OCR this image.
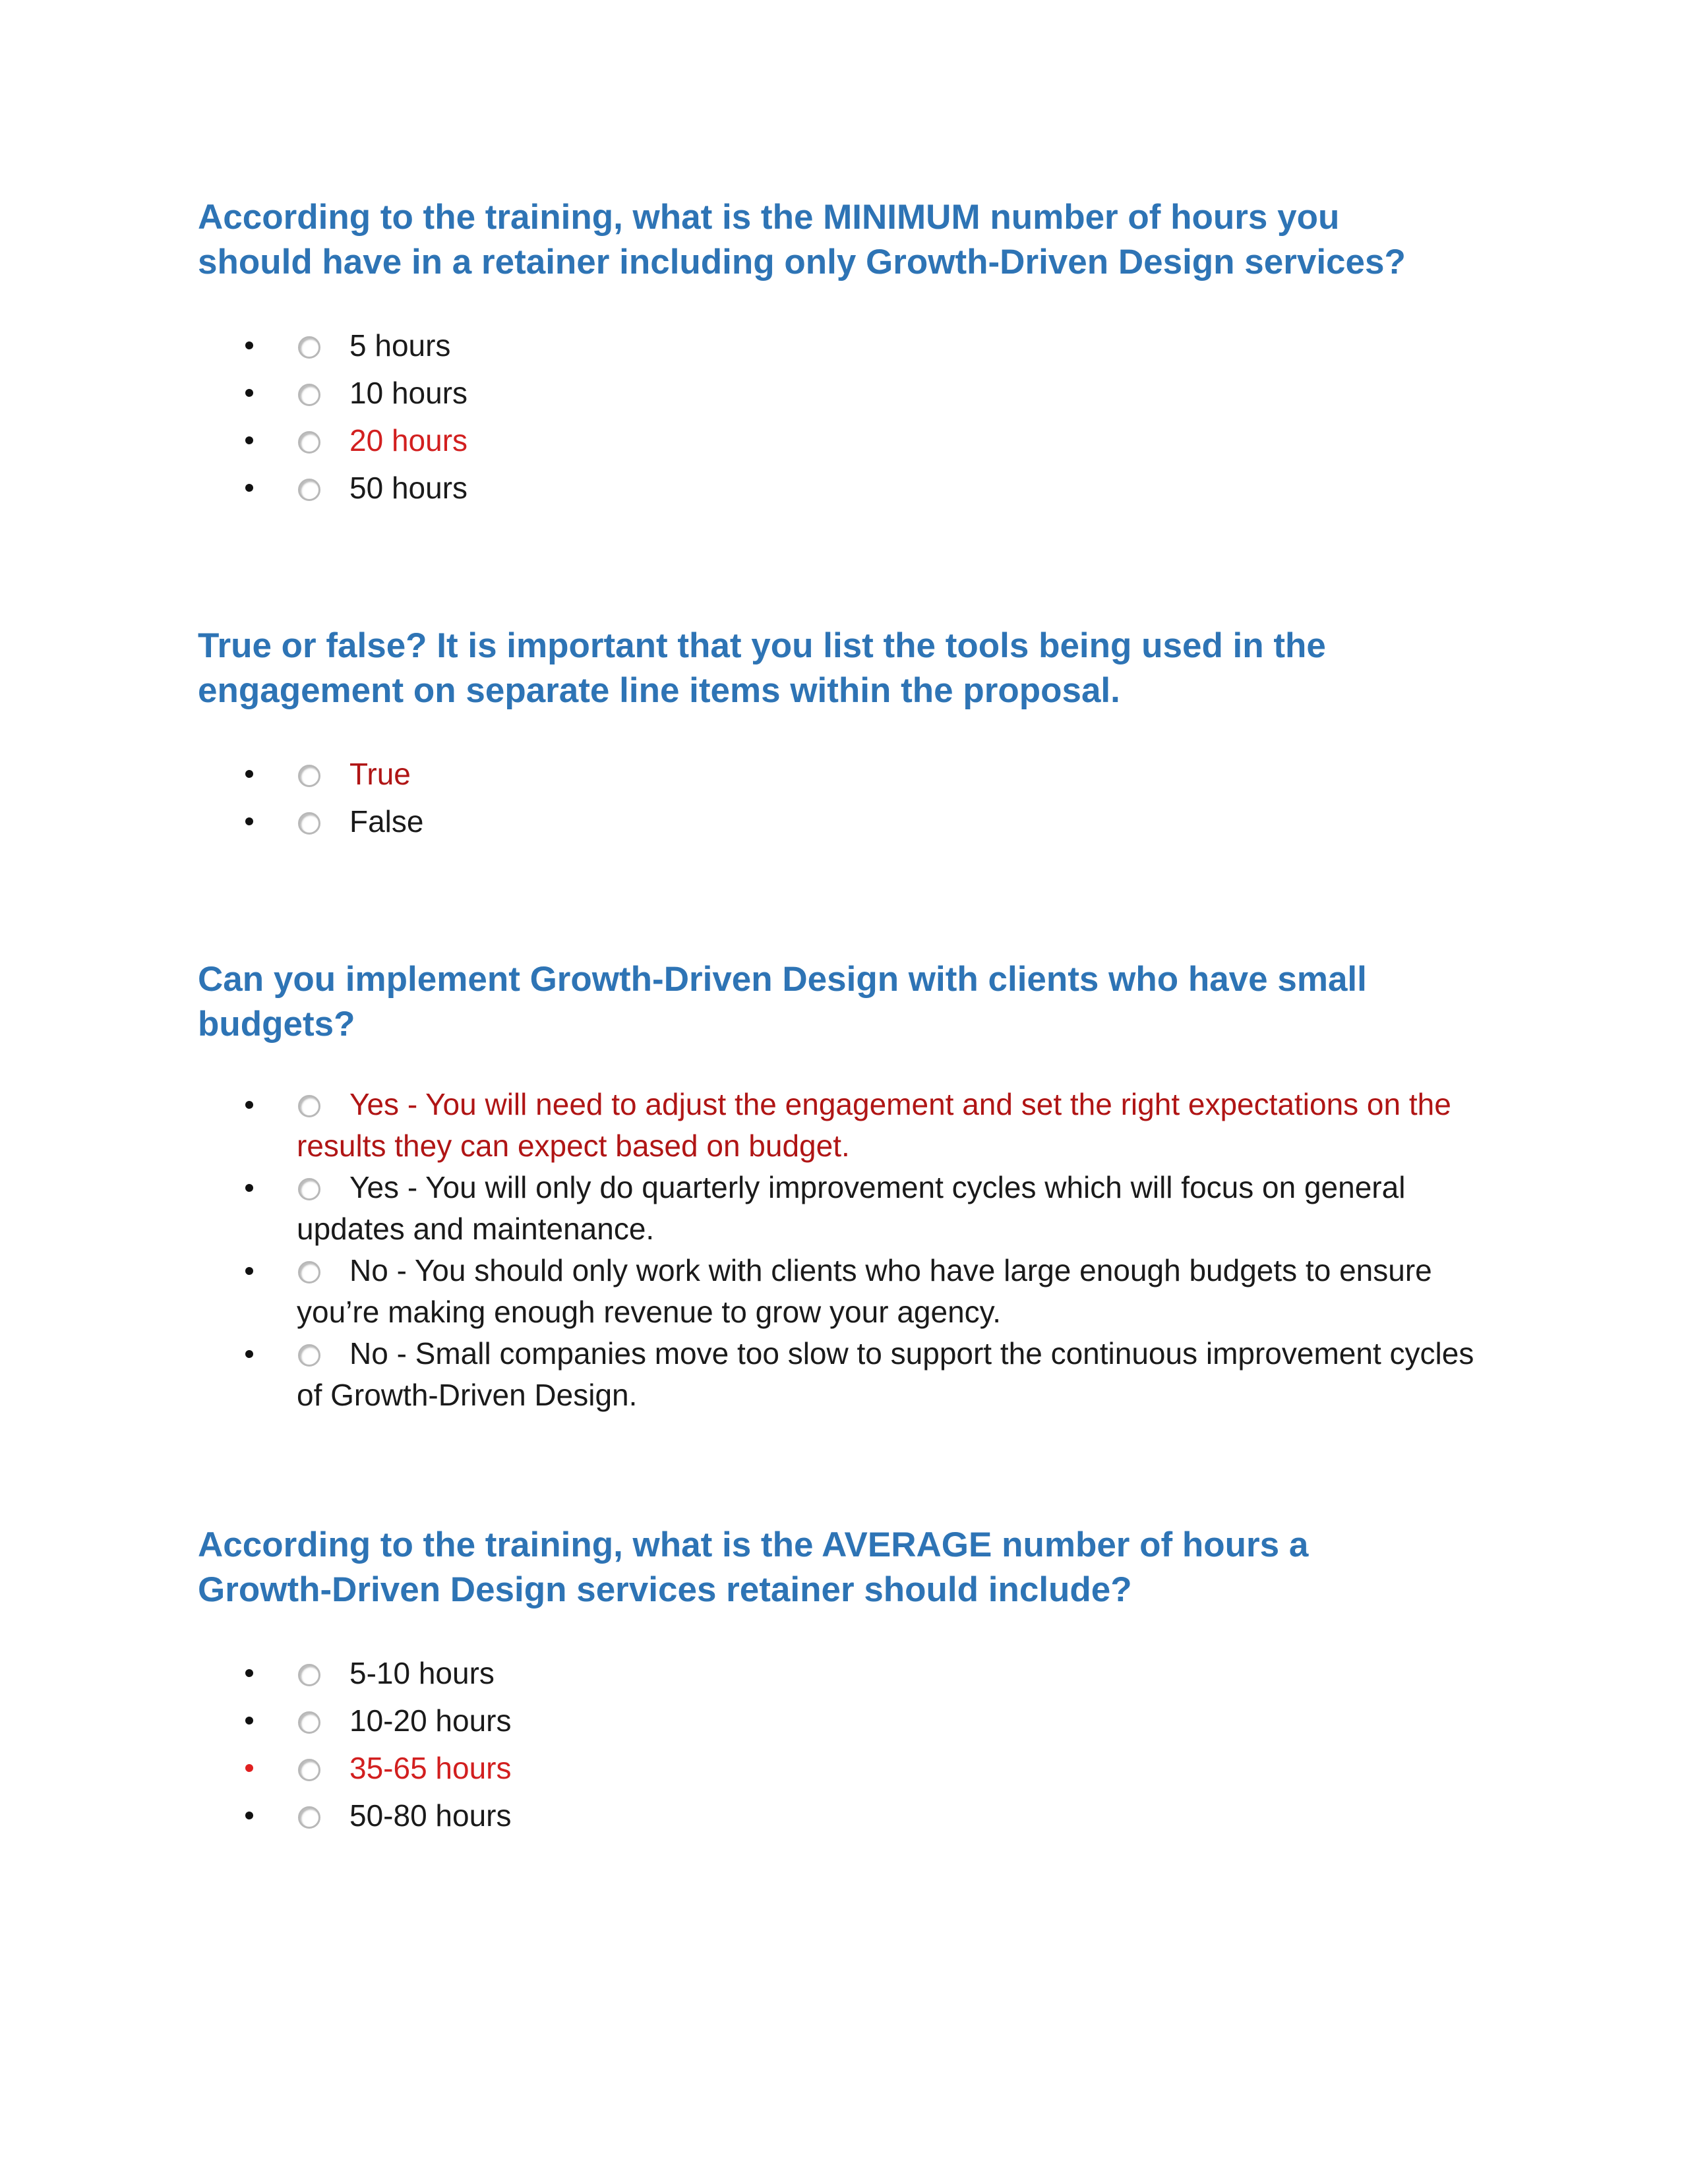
According to the training, what is the MINIMUM number of hours you
should have in a retainer including only Growth-Driven Design services?
5 hours
10 hours
20 hours
50 hours
True or false? It is important that you list the tools being used in the
engagement on separate line items within the proposal.
True
False
Can you implement Growth-Driven Design with clients who have small
budgets?
Yes - You will need to adjust the engagement and set the right expectations on the
results they can expect based on budget.
Yes - You will only do quarterly improvement cycles which will focus on general
updates and maintenance.
No - You should only work with clients who have large enough budgets to ensure
you’re making enough revenue to grow your agency.
No - Small companies move too slow to support the continuous improvement cycles
of Growth-Driven Design.
According to the training, what is the AVERAGE number of hours a
Growth-Driven Design services retainer should include?
5-10 hours
10-20 hours
35-65 hours
50-80 hours
